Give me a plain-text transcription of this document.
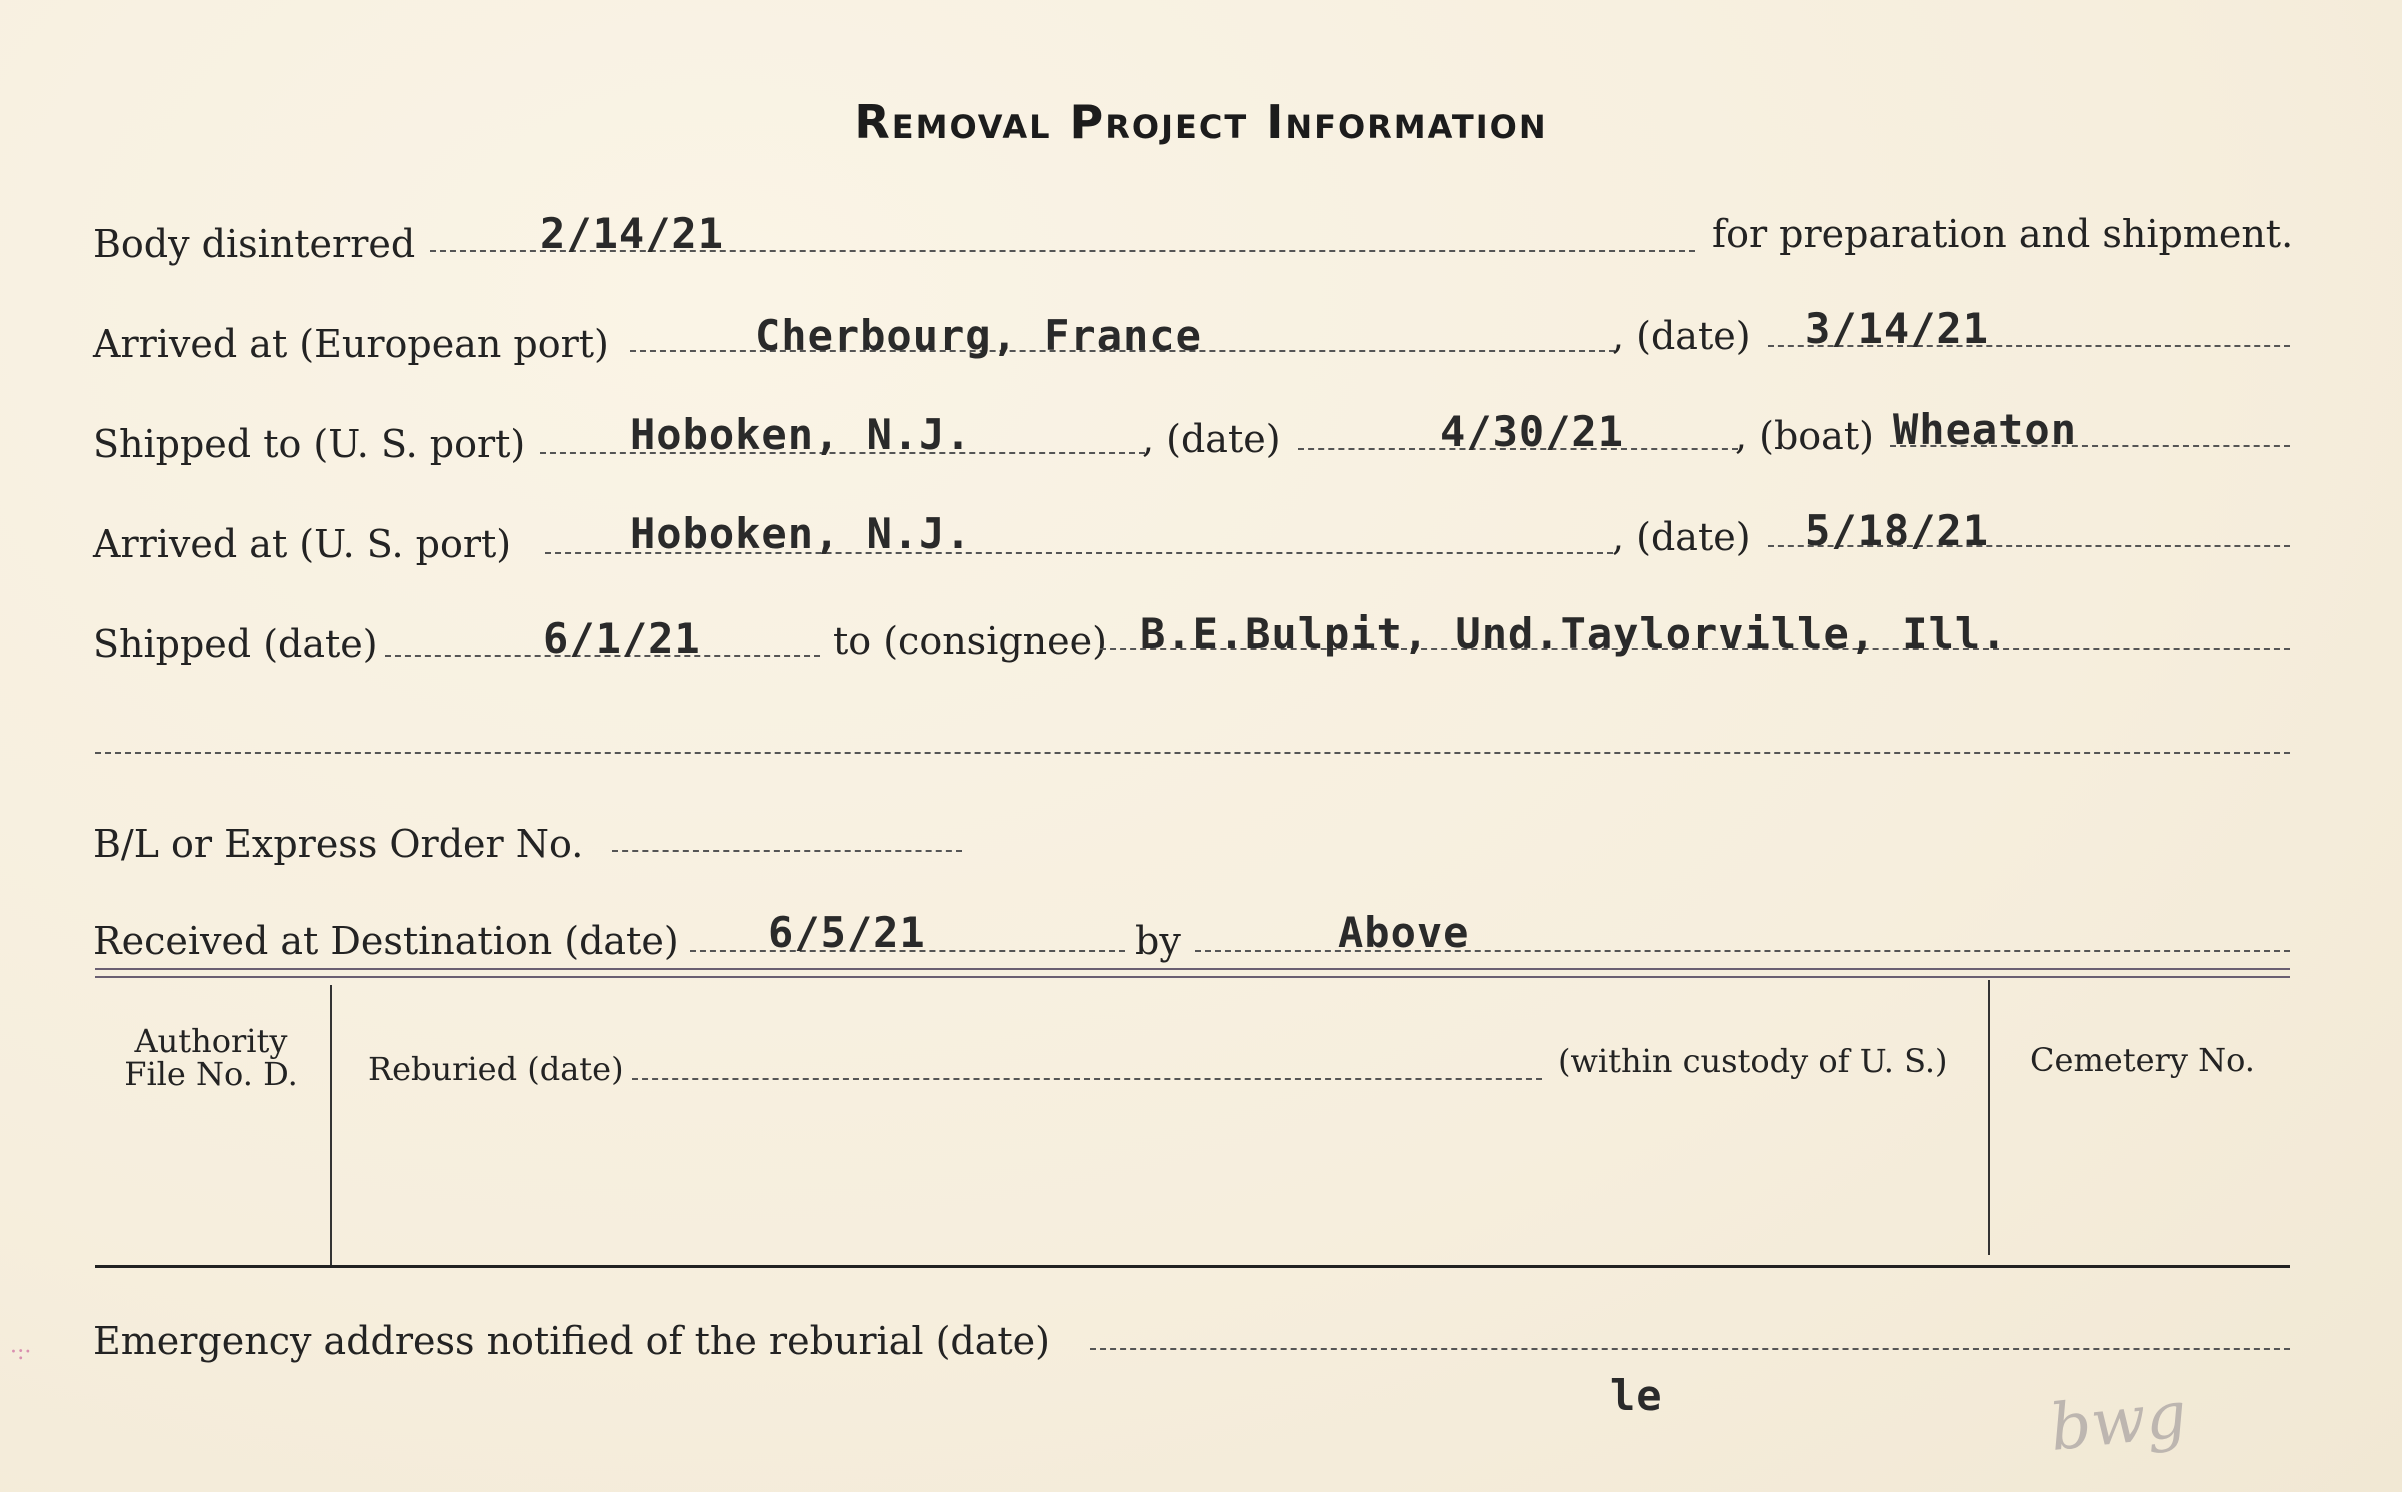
Removal Project Information
Body disinterred	2/14/21	for preparation and shipment.
Arrived at (European port)	Cherbourg, France	, (date) 3/14/21
Shipped to (U. S. port) Hoboken, N.J.	, (date)	4/30/21	, (boat) Wheaton
Arrived at (U. S. port)	Hoboken, N.J.	, (date) 5/18/21
Shipped (date)	6/1/21	to (consignee) B.E.Bulpit, Und.Taylorville, Ill.
B/L or Express Order No.
Received at Destination (date) 6/5/21	by	Above
Authority
File No. D.	Reburied (date)	(within custody of U. S.)	Cemetery No.
Emergency address notified of the reburial (date)
le	bwg
·:·
